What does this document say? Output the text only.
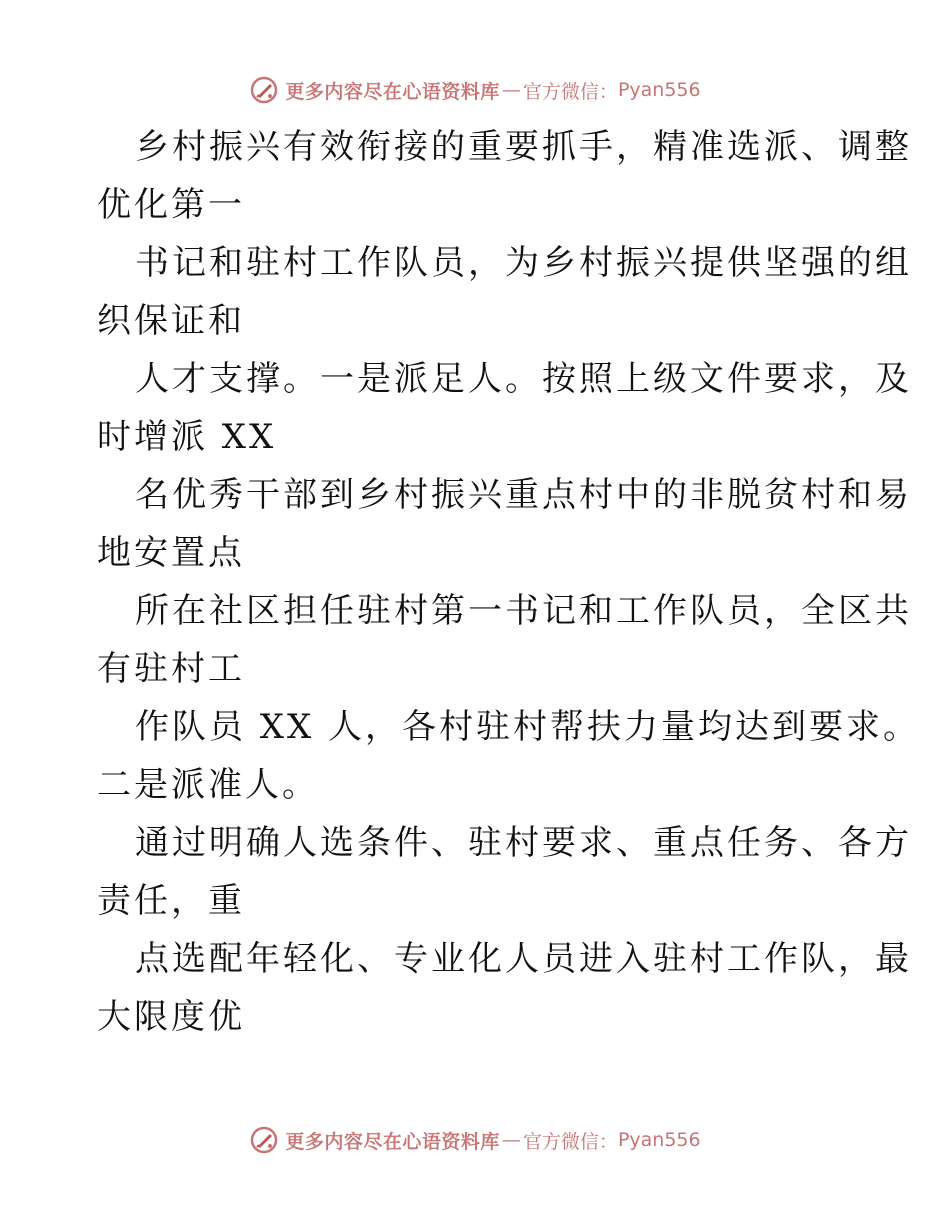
更多内容尽在心语资料库 — 官方微信： Pyan556
乡村振兴有效衔接的重要抓手，精准选派、调整
优化第一
书记和驻村工作队员，为乡村振兴提供坚强的组
织保证和
人才支撑。一是派足人。按照上级文件要求，及
时增派 XX
名优秀干部到乡村振兴重点村中的非脱贫村和易
地安置点
所在社区担任驻村第一书记和工作队员，全区共
有驻村工
作队员 XX 人，各村驻村帮扶力量均达到要求。
二是派准人。
通过明确人选条件、驻村要求、重点任务、各方
责任，重
点选配年轻化、专业化人员进入驻村工作队，最
大限度优
更多内容尽在心语资料库 — 官方微信： Pyan556
